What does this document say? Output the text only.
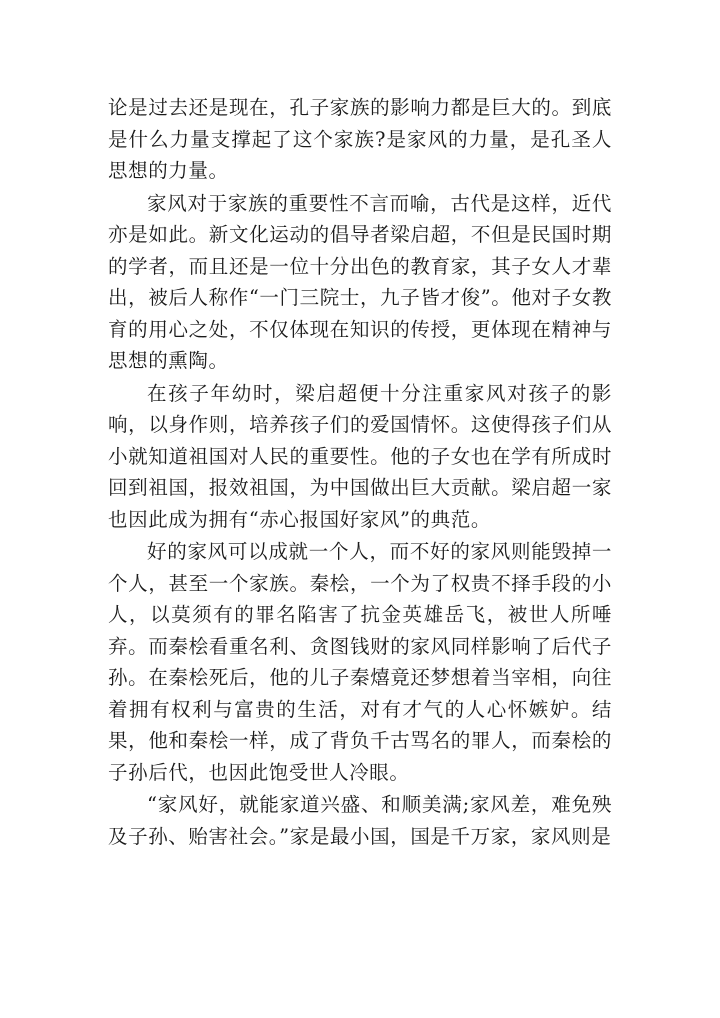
论是过去还是现在，孔子家族的影响力都是巨大的。到底是什么力量支撑起了这个家族?是家风的力量，是孔圣人思想的力量。

家风对于家族的重要性不言而喻，古代是这样，近代亦是如此。新文化运动的倡导者梁启超，不但是民国时期的学者，而且还是一位十分出色的教育家，其子女人才辈出，被后人称作“一门三院士，九子皆才俊”。他对子女教育的用心之处，不仅体现在知识的传授，更体现在精神与思想的熏陶。

在孩子年幼时，梁启超便十分注重家风对孩子的影响，以身作则，培养孩子们的爱国情怀。这使得孩子们从小就知道祖国对人民的重要性。他的子女也在学有所成时回到祖国，报效祖国，为中国做出巨大贡献。梁启超一家也因此成为拥有“赤心报国好家风”的典范。

好的家风可以成就一个人，而不好的家风则能毁掉一个人，甚至一个家族。秦桧，一个为了权贵不择手段的小人，以莫须有的罪名陷害了抗金英雄岳飞，被世人所唾弃。而秦桧看重名利、贪图钱财的家风同样影响了后代子孙。在秦桧死后，他的儿子秦熺竟还梦想着当宰相，向往着拥有权利与富贵的生活，对有才气的人心怀嫉妒。结果，他和秦桧一样，成了背负千古骂名的罪人，而秦桧的子孙后代，也因此饱受世人冷眼。

“家风好，就能家道兴盛、和顺美满;家风差，难免殃及子孙、贻害社会。”家是最小国，国是千万家，家风则是
